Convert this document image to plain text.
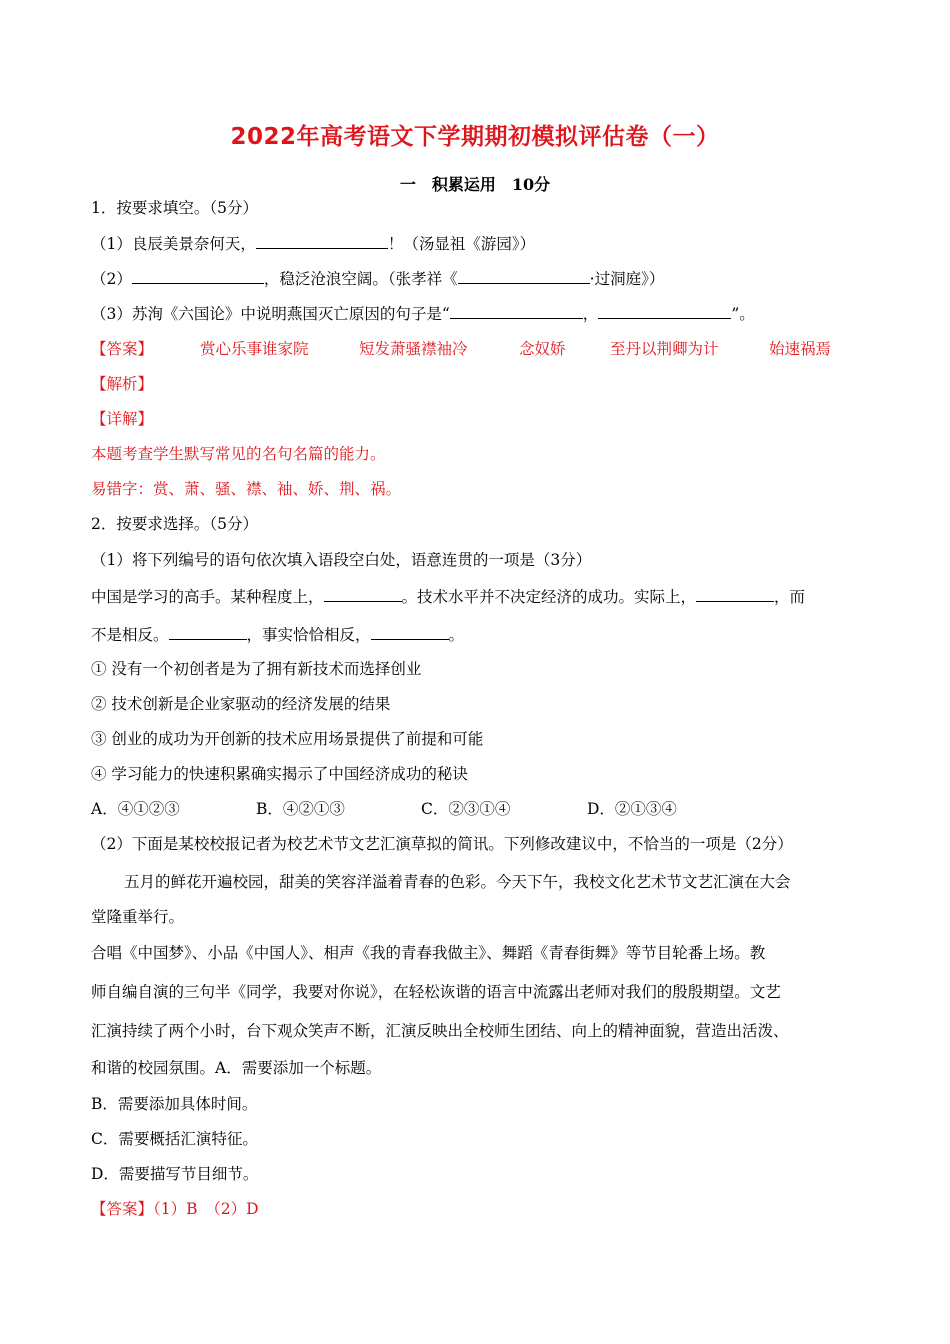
2022年高考语文下学期期初模拟评估卷（一）
一　积累运用　10分
1．按要求填空。（5分）
（1）良辰美景奈何天，	！（汤显祖《游园》）
（2）	，稳泛沧浪空阔。（张孝祥《	·过洞庭》）
（3）苏洵《六国论》中说明燕国灭亡原因的句子是“	，	”。
【答案】	赏心乐事谁家院	短发萧骚襟袖冷	念奴娇	至丹以荆卿为计	始速祸焉
【解析】
【详解】
本题考查学生默写常见的名句名篇的能力。
易错字：赏、萧、骚、襟、袖、娇、荆、祸。
2．按要求选择。（5分）
（1）将下列编号的语句依次填入语段空白处，语意连贯的一项是（3分）
中国是学习的高手。某种程度上，	。技术水平并不决定经济的成功。实际上，	，而
不是相反。	，事实恰恰相反，	。
① 没有一个初创者是为了拥有新技术而选择创业
② 技术创新是企业家驱动的经济发展的结果
③ 创业的成功为开创新的技术应用场景提供了前提和可能
④ 学习能力的快速积累确实揭示了中国经济成功的秘诀
A．④①②③	B．④②①③	C．②③①④	D．②①③④
（2）下面是某校校报记者为校艺术节文艺汇演草拟的简讯。下列修改建议中，不恰当的一项是（2分）
五月的鲜花开遍校园，甜美的笑容洋溢着青春的色彩。今天下午，我校文化艺术节文艺汇演在大会
堂隆重举行。
合唱《中国梦》、小品《中国人》、相声《我的青春我做主》、舞蹈《青春街舞》等节目轮番上场。教
师自编自演的三句半《同学，我要对你说》，在轻松诙谐的语言中流露出老师对我们的殷殷期望。文艺
汇演持续了两个小时，台下观众笑声不断，汇演反映出全校师生团结、向上的精神面貌，营造出活泼、
和谐的校园氛围。A．需要添加一个标题。
B．需要添加具体时间。
C．需要概括汇演特征。
D．需要描写节目细节。
【答案】（1）B　（2）D
